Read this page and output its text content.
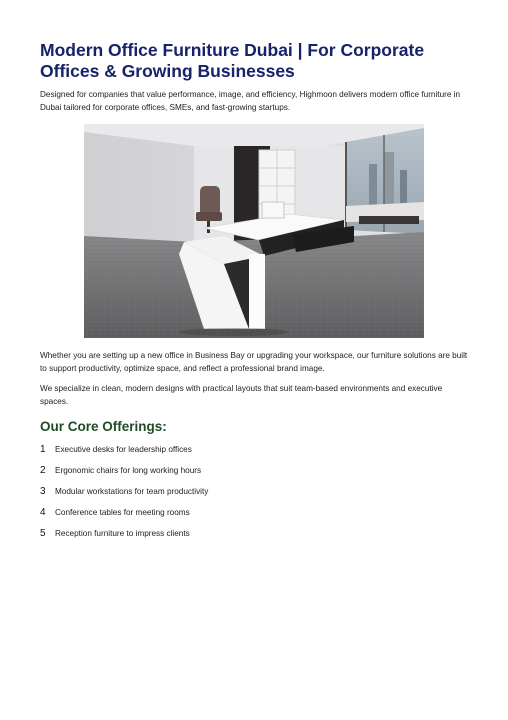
Modern Office Furniture Dubai | For Corporate Offices & Growing Businesses

Designed for companies that value performance, image, and efficiency, Highmoon delivers modern office furniture in Dubai tailored for corporate offices, SMEs, and fast-growing startups.

Whether you are setting up a new office in Business Bay or upgrading your workspace, our furniture solutions are built to support productivity, optimize space, and reflect a professional brand image.

We specialize in clean, modern designs with practical layouts that suit team-based environments and executive spaces.

Our Core Offerings:
1 Executive desks for leadership offices
2 Ergonomic chairs for long working hours
3 Modular workstations for team productivity
4 Conference tables for meeting rooms
5 Reception furniture to impress clients
